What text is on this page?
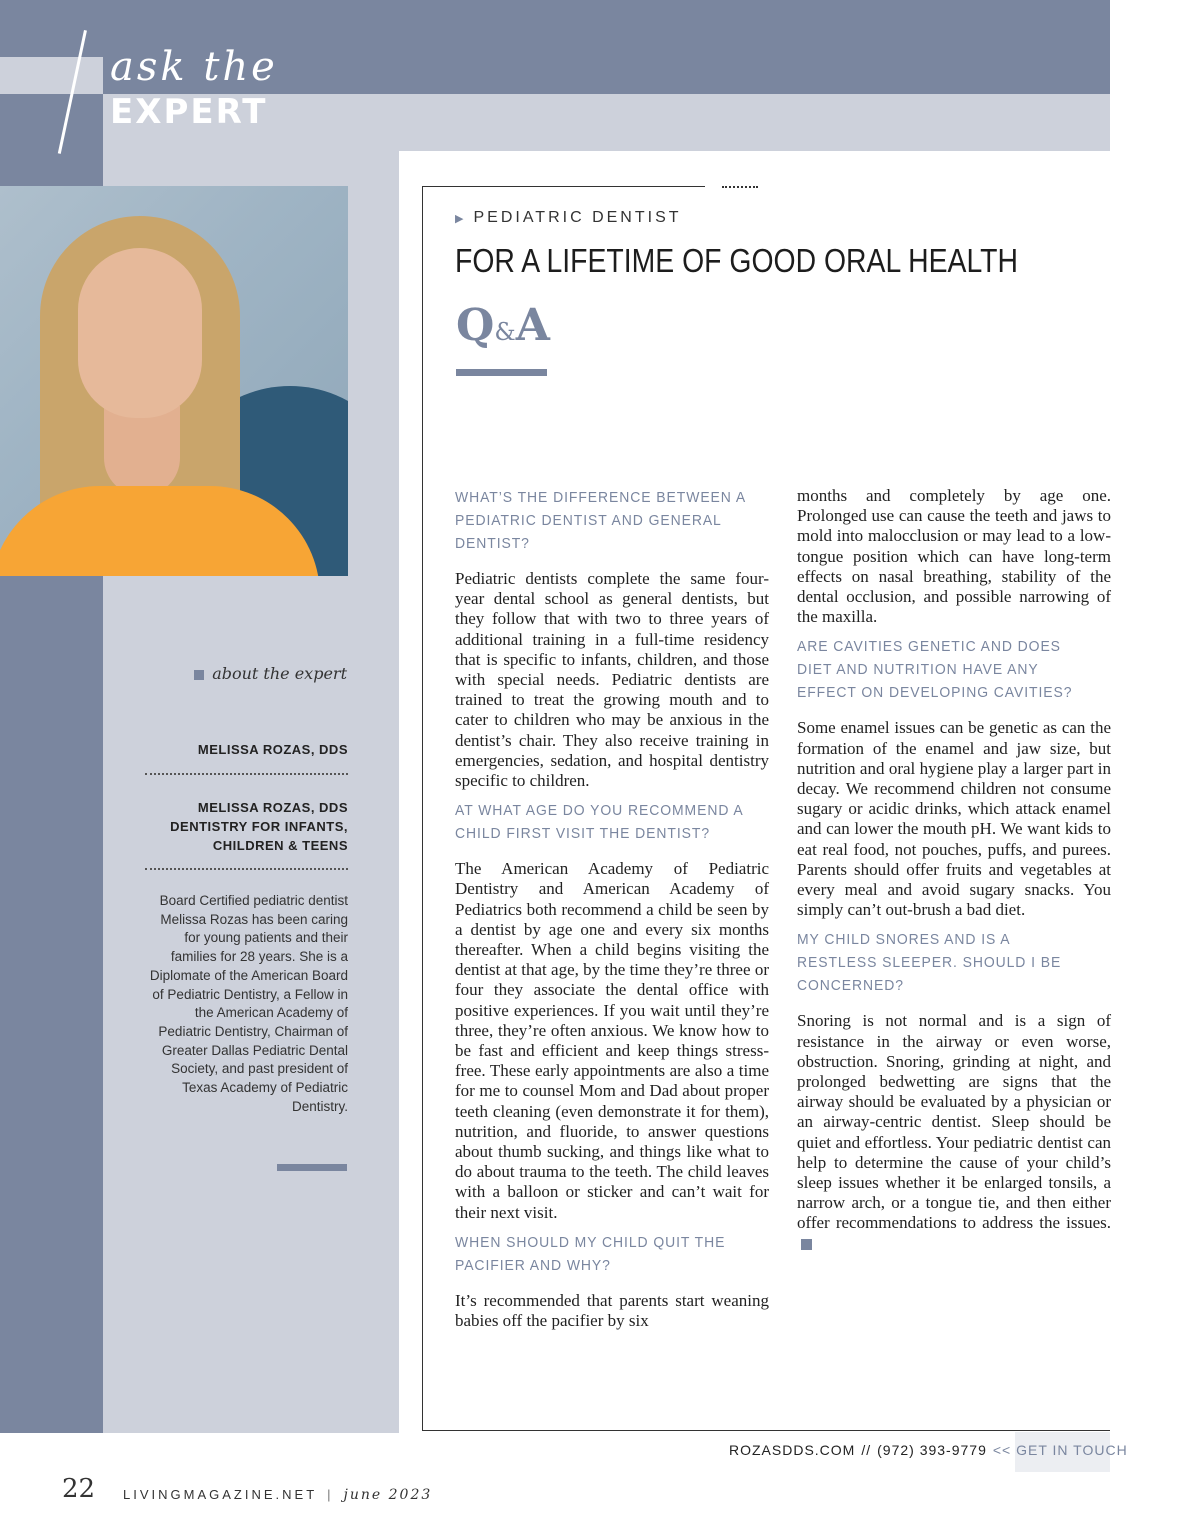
ask the
EXPERT
▶ PEDIATRIC DENTIST
FOR A LIFETIME OF GOOD ORAL HEALTH
Q&A
WHAT’S THE DIFFERENCE BETWEEN A PEDIATRIC DENTIST AND GENERAL DENTIST?

Pediatric dentists complete the same four-year dental school as general dentists, but they follow that with two to three years of additional training in a full-time residency that is specific to infants, children, and those with special needs. Pediatric dentists are trained to treat the growing mouth and to cater to children who may be anxious in the dentist’s chair. They also receive training in emergencies, sedation, and hospital dentistry specific to children.

AT WHAT AGE DO YOU RECOMMEND A CHILD FIRST VISIT THE DENTIST?

The American Academy of Pediatric Dentistry and American Academy of Pediatrics both recommend a child be seen by a dentist by age one and every six months thereafter. When a child begins visiting the dentist at that age, by the time they’re three or four they associate the dental office with positive experiences. If you wait until they’re three, they’re often anxious. We know how to be fast and efficient and keep things stress-free. These early appointments are also a time for me to counsel Mom and Dad about proper teeth cleaning (even demonstrate it for them), nutrition, and fluoride, to answer questions about thumb sucking, and things like what to do about trauma to the teeth. The child leaves with a balloon or sticker and can’t wait for their next visit.

WHEN SHOULD MY CHILD QUIT THE PACIFIER AND WHY?

It’s recommended that parents start weaning babies off the pacifier by six

months and completely by age one. Prolonged use can cause the teeth and jaws to mold into malocclusion or may lead to a low-tongue position which can have long-term effects on nasal breathing, stability of the dental occlusion, and possible narrowing of the maxilla.

ARE CAVITIES GENETIC AND DOES DIET AND NUTRITION HAVE ANY EFFECT ON DEVELOPING CAVITIES?

Some enamel issues can be genetic as can the formation of the enamel and jaw size, but nutrition and oral hygiene play a larger part in decay. We recommend children not consume sugary or acidic drinks, which attack enamel and can lower the mouth pH. We want kids to eat real food, not pouches, puffs, and purees. Parents should offer fruits and vegetables at every meal and avoid sugary snacks. You simply can’t out-brush a bad diet.

MY CHILD SNORES AND IS A RESTLESS SLEEPER. SHOULD I BE CONCERNED?

Snoring is not normal and is a sign of resistance in the airway or even worse, obstruction. Snoring, grinding at night, and prolonged bedwetting are signs that the airway should be evaluated by a physician or an airway-centric dentist. Sleep should be quiet and effortless. Your pediatric dentist can help to determine the cause of your child’s sleep issues whether it be enlarged tonsils, a narrow arch, or a tongue tie, and then either offer recommendations to address the issues.

about the expert
MELISSA ROZAS, DDS
MELISSA ROZAS, DDS
DENTISTRY FOR INFANTS,
CHILDREN & TEENS

Board Certified pediatric dentist Melissa Rozas has been caring for young patients and their families for 28 years. She is a Diplomate of the American Board of Pediatric Dentistry, a Fellow in the American Academy of Pediatric Dentistry, Chairman of Greater Dallas Pediatric Dental Society, and past president of Texas Academy of Pediatric Dentistry.

ROZASDDS.COM // (972) 393-9779 << GET IN TOUCH
22 LIVINGMAGAZINE.NET | june 2023
